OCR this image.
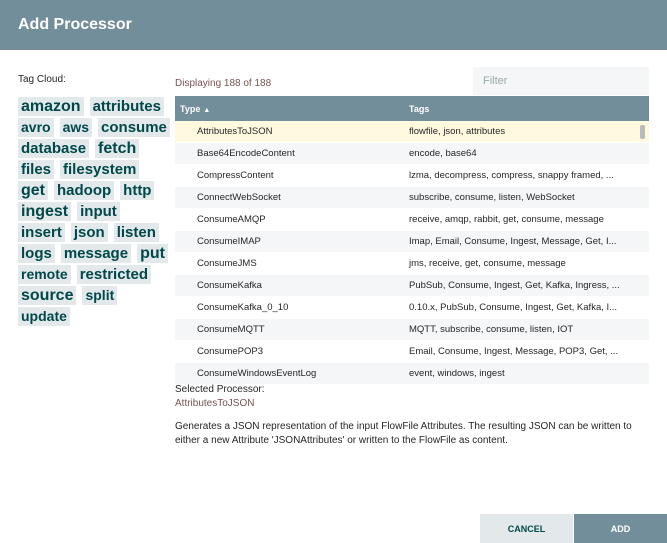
Add Processor
Tag Cloud:
amazon attributes
avro aws consume
database fetch
files filesystem
get hadoop http
ingest input
insert json listen
logs message put
remote restricted
source split
update
Displaying 188 of 188
Filter
Type ▲	Tags
AttributesToJSON	flowfile, json, attributes
Base64EncodeContent	encode, base64
CompressContent	lzma, decompress, compress, snappy framed, ...
ConnectWebSocket	subscribe, consume, listen, WebSocket
ConsumeAMQP	receive, amqp, rabbit, get, consume, message
ConsumeIMAP	Imap, Email, Consume, Ingest, Message, Get, I...
ConsumeJMS	jms, receive, get, consume, message
ConsumeKafka	PubSub, Consume, Ingest, Get, Kafka, Ingress, ...
ConsumeKafka_0_10	0.10.x, PubSub, Consume, Ingest, Get, Kafka, I...
ConsumeMQTT	MQTT, subscribe, consume, listen, IOT
ConsumePOP3	Email, Consume, Ingest, Message, POP3, Get, ...
ConsumeWindowsEventLog	event, windows, ingest
Selected Processor:
AttributesToJSON
Generates a JSON representation of the input FlowFile Attributes. The resulting JSON can be written to either a new Attribute 'JSONAttributes' or written to the FlowFile as content.
CANCEL	ADD
